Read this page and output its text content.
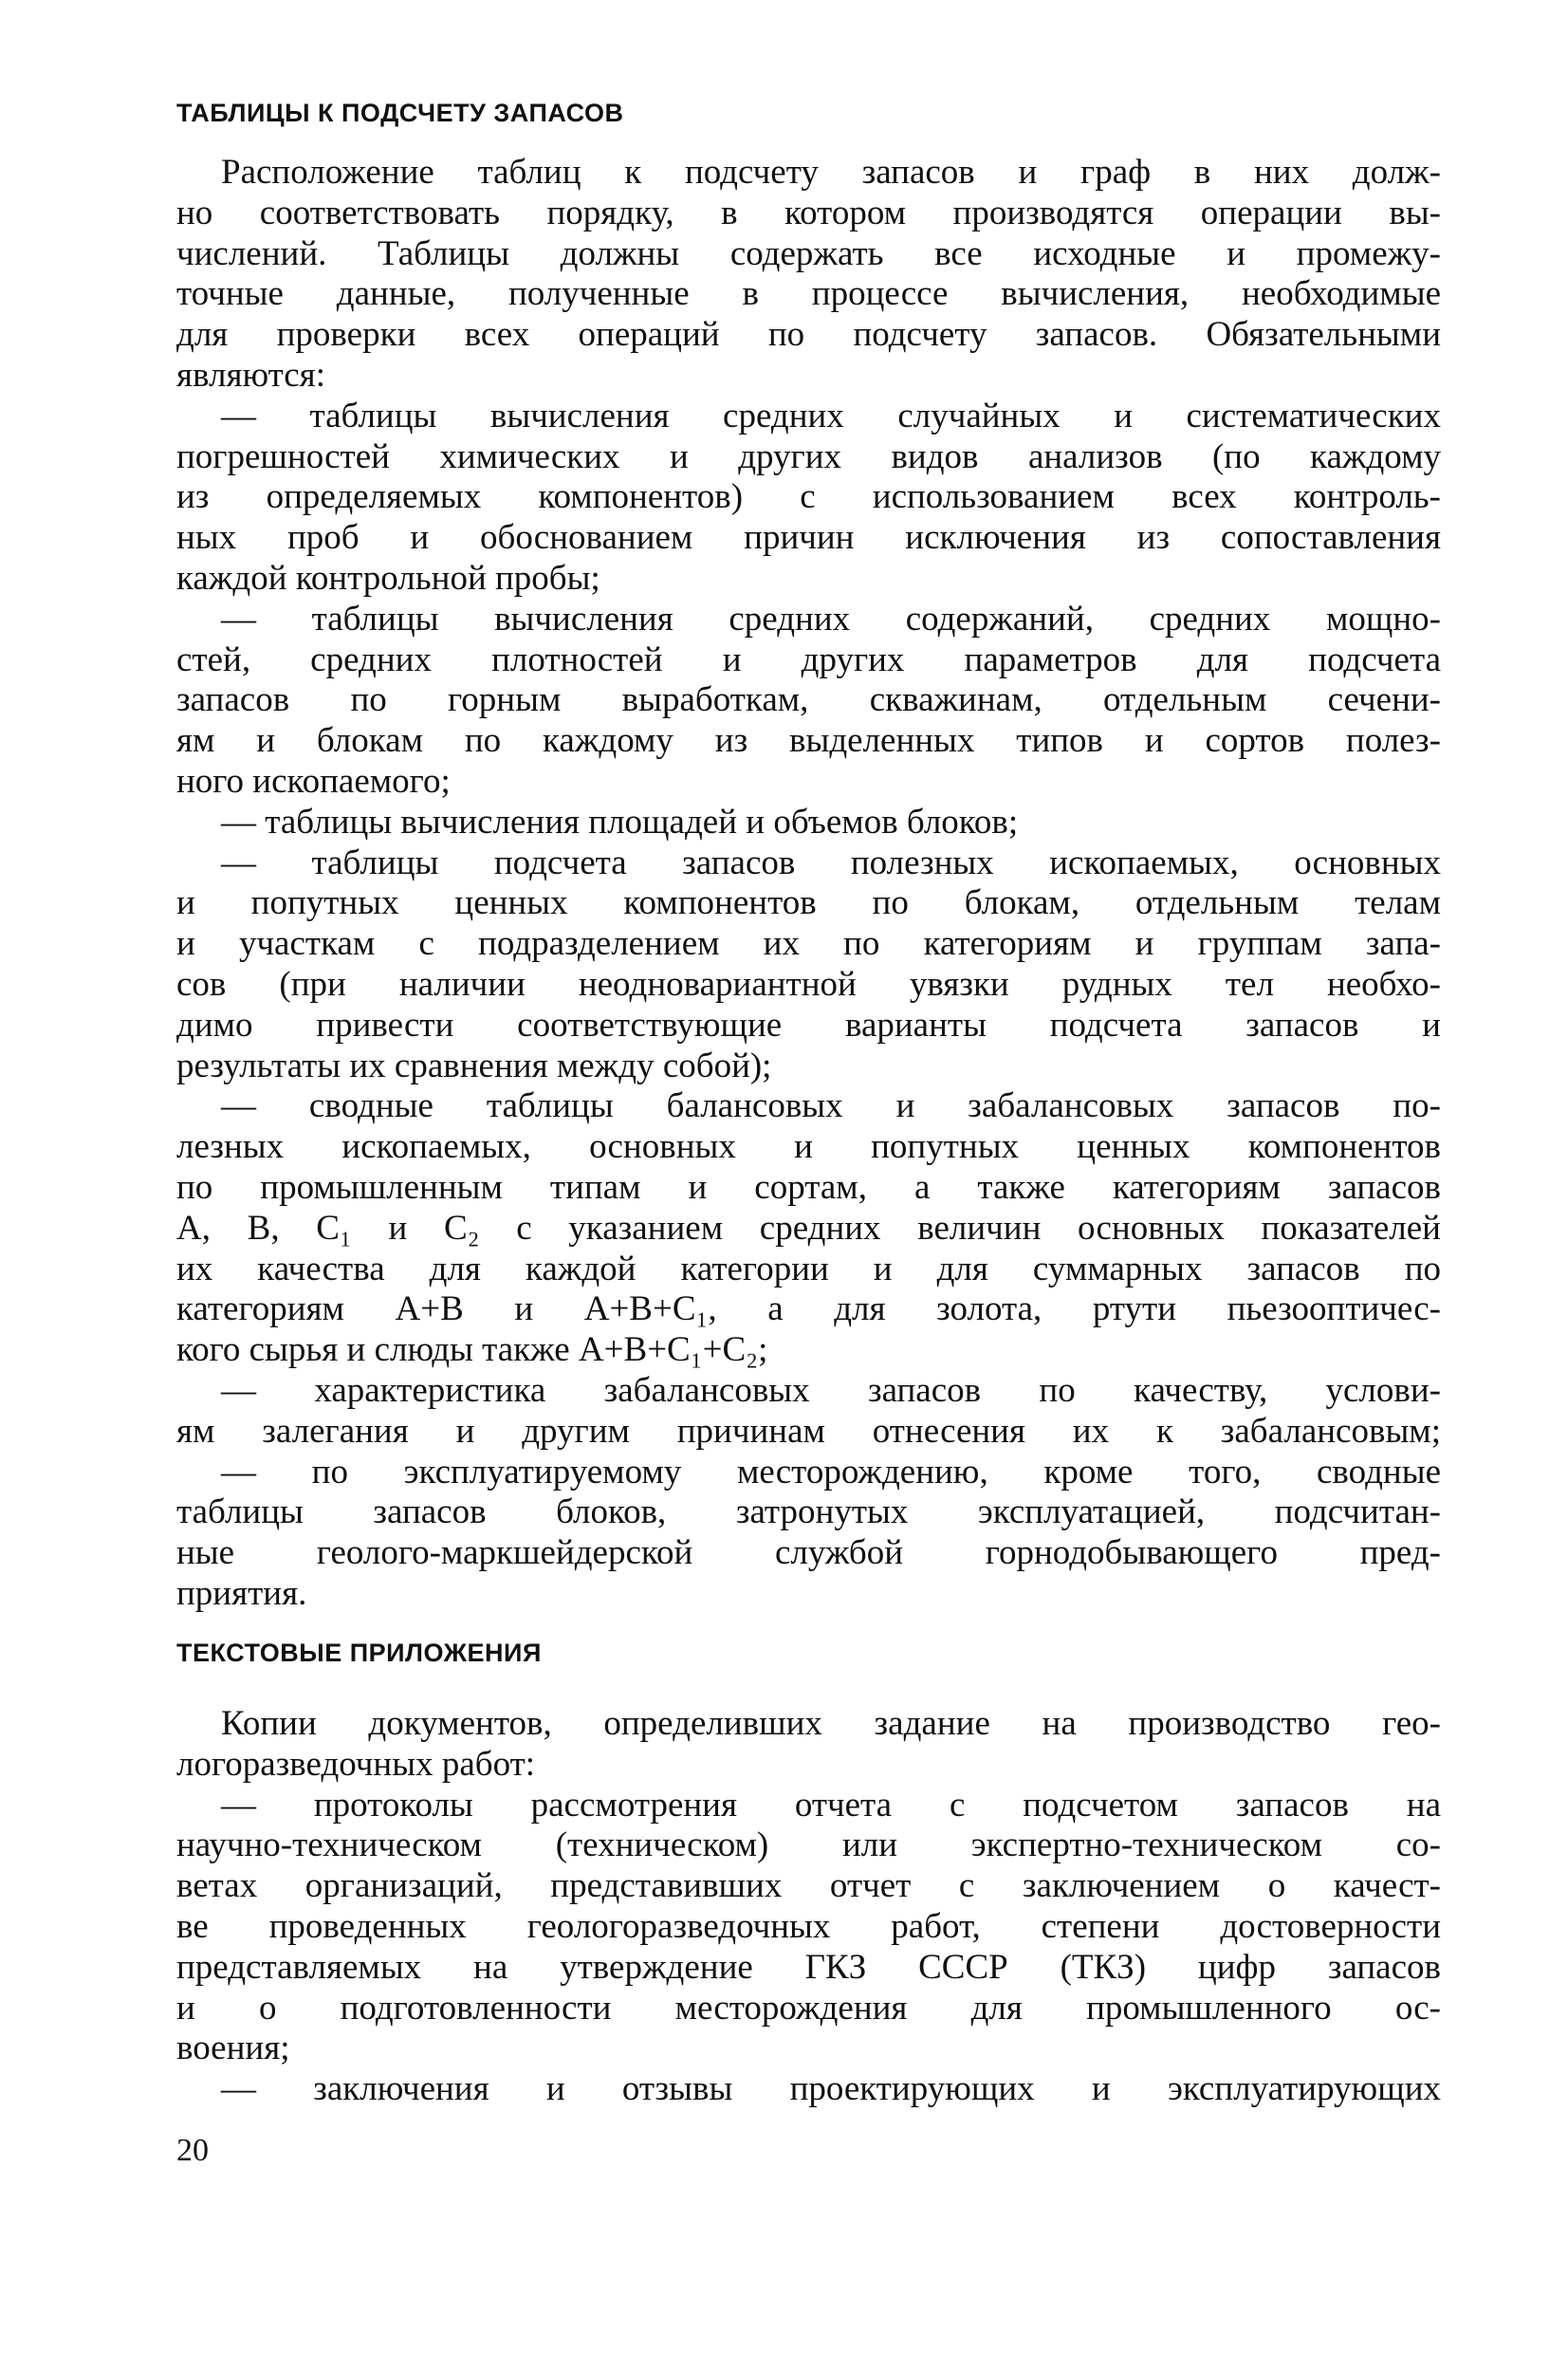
ТАБЛИЦЫ К ПОДСЧЕТУ ЗАПАСОВ
Расположение таблиц к подсчету запасов и граф в них долж-
но соответствовать порядку, в котором производятся операции вы-
числений. Таблицы должны содержать все исходные и промежу-
точные данные, полученные в процессе вычисления, необходимые
для проверки всех операций по подсчету запасов. Обязательными
являются:
— таблицы вычисления средних случайных и систематических
погрешностей химических и других видов анализов (по каждому
из определяемых компонентов) с использованием всех контроль-
ных проб и обоснованием причин исключения из сопоставления
каждой контрольной пробы;
— таблицы вычисления средних содержаний, средних мощно-
стей, средних плотностей и других параметров для подсчета
запасов по горным выработкам, скважинам, отдельным сечени-
ям и блокам по каждому из выделенных типов и сортов полез-
ного ископаемого;
— таблицы вычисления площадей и объемов блоков;
— таблицы подсчета запасов полезных ископаемых, основных
и попутных ценных компонентов по блокам, отдельным телам
и участкам с подразделением их по категориям и группам запа-
сов (при наличии неодновариантной увязки рудных тел необхо-
димо привести соответствующие варианты подсчета запасов и
результаты их сравнения между собой);
— сводные таблицы балансовых и забалансовых запасов по-
лезных ископаемых, основных и попутных ценных компонентов
по промышленным типам и сортам, а также категориям запасов
А, В, С₁ и С₂ с указанием средних величин основных показателей
их качества для каждой категории и для суммарных запасов по
категориям А+В и А+В+С₁, а для золота, ртути пьезооптичес-
кого сырья и слюды также А+В+С₁+С₂;
— характеристика забалансовых запасов по качеству, услови-
ям залегания и другим причинам отнесения их к забалансовым;
— по эксплуатируемому месторождению, кроме того, сводные
таблицы запасов блоков, затронутых эксплуатацией, подсчитан-
ные геолого-маркшейдерской службой горнодобывающего пред-
приятия.
ТЕКСТОВЫЕ ПРИЛОЖЕНИЯ
Копии документов, определивших задание на производство гео-
логоразведочных работ:
— протоколы рассмотрения отчета с подсчетом запасов на
научно-техническом (техническом) или экспертно-техническом со-
ветах организаций, представивших отчет с заключением о качест-
ве проведенных геологоразведочных работ, степени достоверности
представляемых на утверждение ГКЗ СССР (ТКЗ) цифр запасов
и о подготовленности месторождения для промышленного ос-
воения;
— заключения и отзывы проектирующих и эксплуатирующих
20
